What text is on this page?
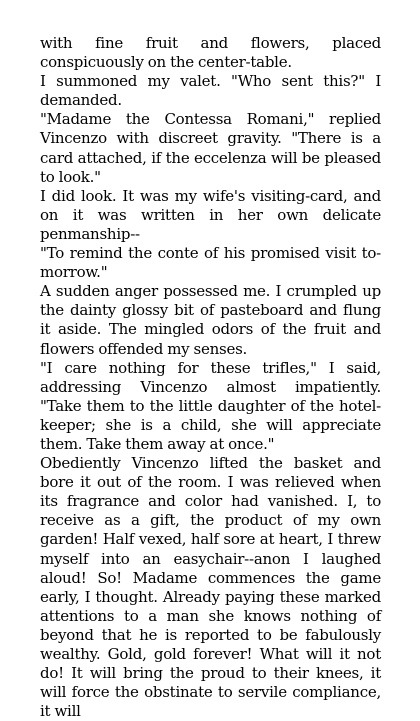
with fine fruit and flowers, placed conspicuously on the center-table.

I summoned my valet. "Who sent this?" I demanded.

"Madame the Contessa Romani," replied Vincenzo with discreet gravity. "There is a card attached, if the eccelenza will be pleased to look."

I did look. It was my wife's visiting-card, and on it was written in her own delicate penmanship--

"To remind the conte of his promised visit to-morrow."

A sudden anger possessed me. I crumpled up the dainty glossy bit of pasteboard and flung it aside. The mingled odors of the fruit and flowers offended my senses.

"I care nothing for these trifles," I said, addressing Vincenzo almost impatiently. "Take them to the little daughter of the hotel-keeper; she is a child, she will appreciate them. Take them away at once."

Obediently Vincenzo lifted the basket and bore it out of the room. I was relieved when its fragrance and color had vanished. I, to receive as a gift, the product of my own garden! Half vexed, half sore at heart, I threw myself into an easychair--anon I laughed aloud! So! Madame commences the game early, I thought. Already paying these marked attentions to a man she knows nothing of beyond that he is reported to be fabulously wealthy. Gold, gold forever! What will it not do! It will bring the proud to their knees, it will force the obstinate to servile compliance, it will
